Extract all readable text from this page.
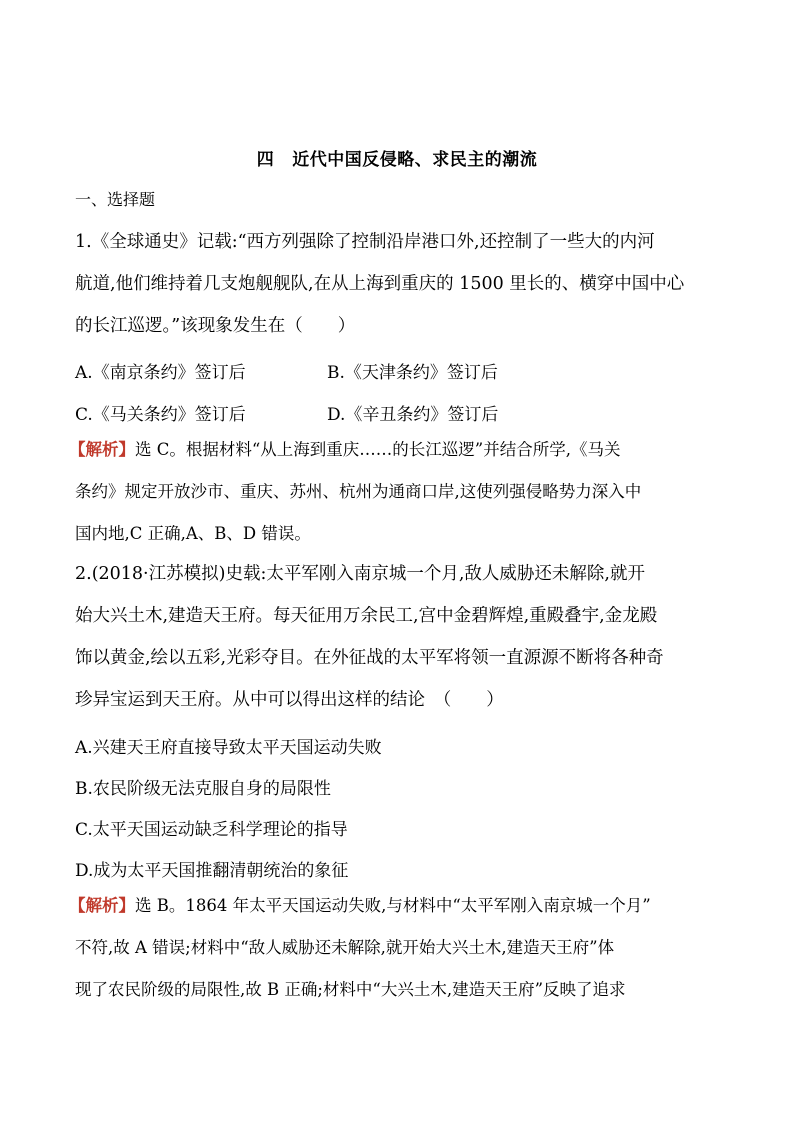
四 近代中国反侵略、求民主的潮流
一、选择题
1.《全球通史》记载:“西方列强除了控制沿岸港口外,还控制了一些大的内河
航道,他们维持着几支炮舰舰队,在从上海到重庆的 1500 里长的、横穿中国中心
的长江巡逻。”该现象发生在（　　）
A.《南京条约》签订后	B.《天津条约》签订后
C.《马关条约》签订后	D.《辛丑条约》签订后
【解析】选 C。根据材料“从上海到重庆……的长江巡逻”并结合所学,《马关
条约》规定开放沙市、重庆、苏州、杭州为通商口岸,这使列强侵略势力深入中
国内地,C 正确,A、B、D 错误。
2.(2018·江苏模拟)史载:太平军刚入南京城一个月,敌人威胁还未解除,就开
始大兴土木,建造天王府。每天征用万余民工,宫中金碧辉煌,重殿叠宇,金龙殿
饰以黄金,绘以五彩,光彩夺目。在外征战的太平军将领一直源源不断将各种奇
珍异宝运到天王府。从中可以得出这样的结论　（　　）
A.兴建天王府直接导致太平天国运动失败
B.农民阶级无法克服自身的局限性
C.太平天国运动缺乏科学理论的指导
D.成为太平天国推翻清朝统治的象征
【解析】选 B。1864 年太平天国运动失败,与材料中“太平军刚入南京城一个月”
不符,故 A 错误;材料中“敌人威胁还未解除,就开始大兴土木,建造天王府”体
现了农民阶级的局限性,故 B 正确;材料中“大兴土木,建造天王府”反映了追求
